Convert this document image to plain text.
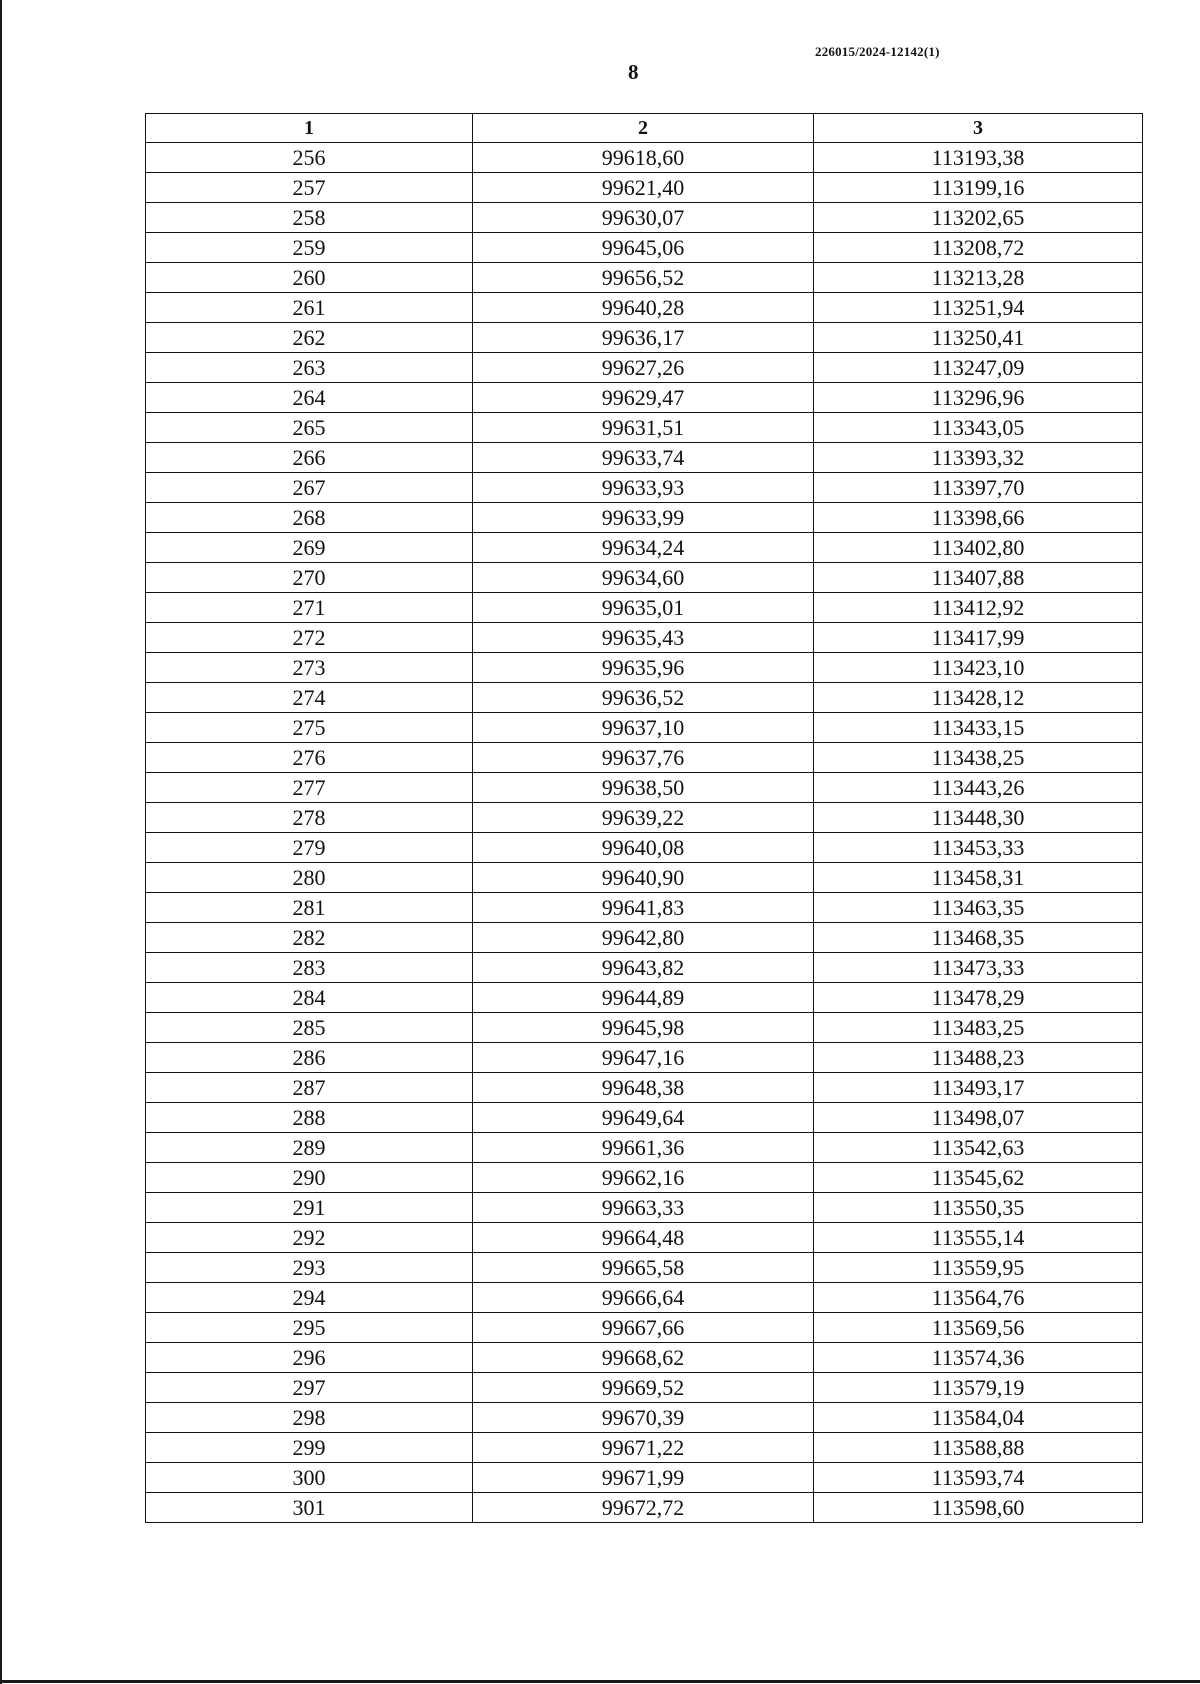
226015/2024-12142(1)
8
1	2	3
256	99618,60	113193,38
257	99621,40	113199,16
258	99630,07	113202,65
259	99645,06	113208,72
260	99656,52	113213,28
261	99640,28	113251,94
262	99636,17	113250,41
263	99627,26	113247,09
264	99629,47	113296,96
265	99631,51	113343,05
266	99633,74	113393,32
267	99633,93	113397,70
268	99633,99	113398,66
269	99634,24	113402,80
270	99634,60	113407,88
271	99635,01	113412,92
272	99635,43	113417,99
273	99635,96	113423,10
274	99636,52	113428,12
275	99637,10	113433,15
276	99637,76	113438,25
277	99638,50	113443,26
278	99639,22	113448,30
279	99640,08	113453,33
280	99640,90	113458,31
281	99641,83	113463,35
282	99642,80	113468,35
283	99643,82	113473,33
284	99644,89	113478,29
285	99645,98	113483,25
286	99647,16	113488,23
287	99648,38	113493,17
288	99649,64	113498,07
289	99661,36	113542,63
290	99662,16	113545,62
291	99663,33	113550,35
292	99664,48	113555,14
293	99665,58	113559,95
294	99666,64	113564,76
295	99667,66	113569,56
296	99668,62	113574,36
297	99669,52	113579,19
298	99670,39	113584,04
299	99671,22	113588,88
300	99671,99	113593,74
301	99672,72	113598,60
